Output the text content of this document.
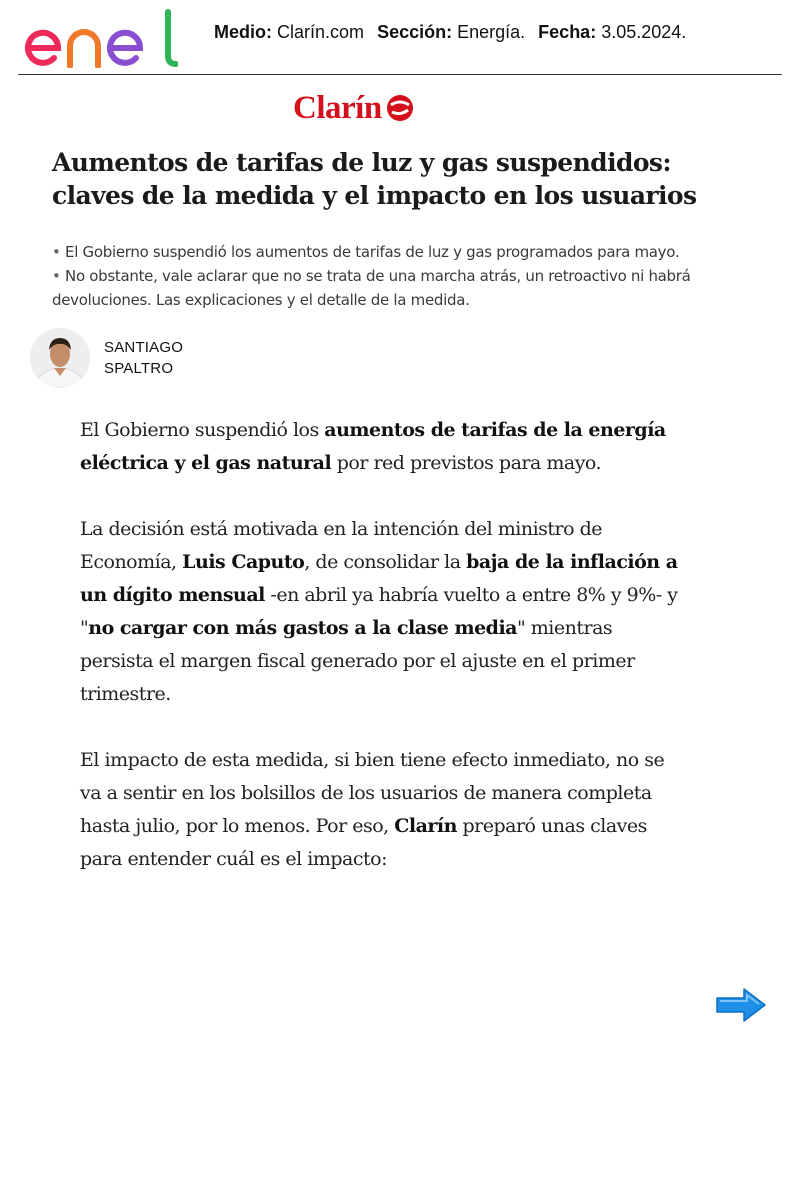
Medio: Clarín.com Sección: Energía. Fecha: 3.05.2024.
Clarín
Aumentos de tarifas de luz y gas suspendidos: claves de la medida y el impacto en los usuarios
• El Gobierno suspendió los aumentos de tarifas de luz y gas programados para mayo.
• No obstante, vale aclarar que no se trata de una marcha atrás, un retroactivo ni habrá devoluciones. Las explicaciones y el detalle de la medida.
SANTIAGO
SPALTRO

El Gobierno suspendió los aumentos de tarifas de la energía eléctrica y el gas natural por red previstos para mayo.

La decisión está motivada en la intención del ministro de Economía, Luis Caputo, de consolidar la baja de la inflación a un dígito mensual -en abril ya habría vuelto a entre 8% y 9%- y "no cargar con más gastos a la clase media" mientras persista el margen fiscal generado por el ajuste en el primer trimestre.

El impacto de esta medida, si bien tiene efecto inmediato, no se va a sentir en los bolsillos de los usuarios de manera completa hasta julio, por lo menos. Por eso, Clarín preparó unas claves para entender cuál es el impacto:
